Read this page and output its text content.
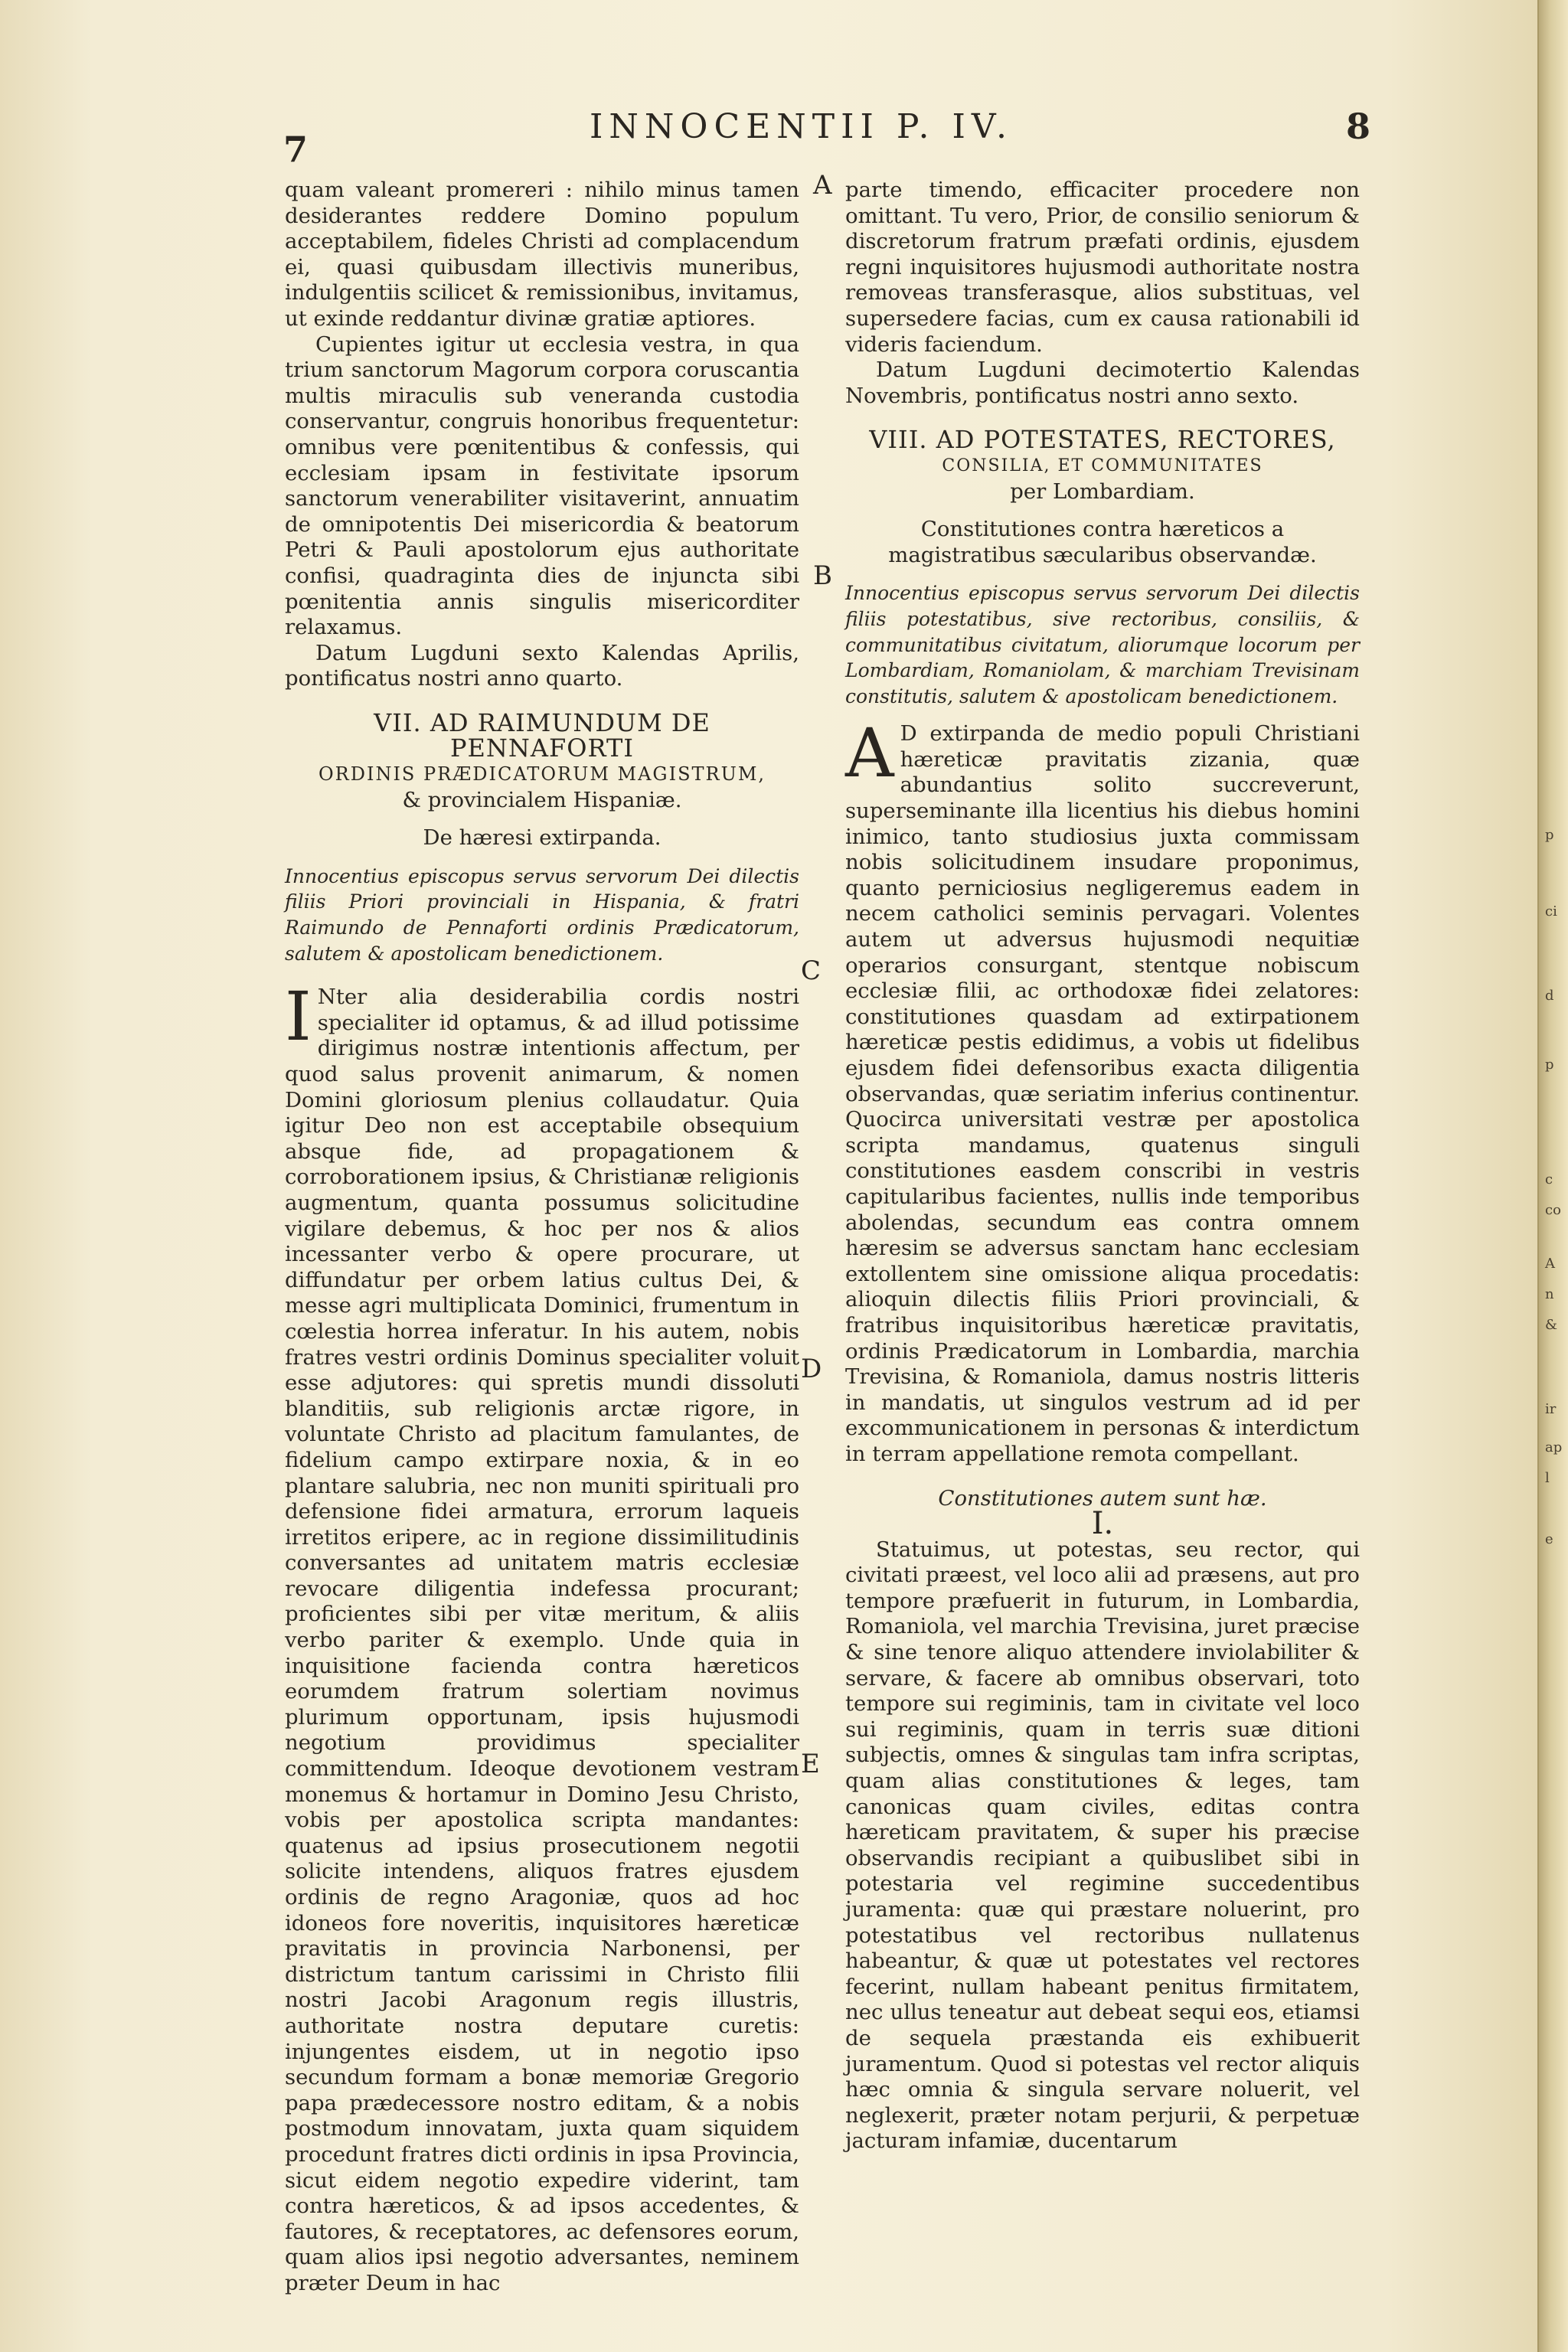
7
INNOCENTII P. IV.	8
A
B
C
D
E

quam valeant promereri : nihilo minus tamen desiderantes reddere Domino populum acceptabilem, fideles Christi ad complacendum ei, quasi quibusdam illectivis muneribus, indulgentiis scilicet & remissionibus, invitamus, ut exinde reddantur divinæ gratiæ aptiores.

Cupientes igitur ut ecclesia vestra, in qua trium sanctorum Magorum corpora coruscantia multis miraculis sub veneranda custodia conservantur, congruis honoribus frequentetur: omnibus vere pœnitentibus & confessis, qui ecclesiam ipsam in festivitate ipsorum sanctorum venerabiliter visitaverint, annuatim de omnipotentis Dei misericordia & beatorum Petri & Pauli apostolorum ejus authoritate confisi, quadraginta dies de injuncta sibi pœnitentia annis singulis misericorditer relaxamus.

Datum Lugduni sexto Kalendas Aprilis, pontificatus nostri anno quarto.

VII. AD RAIMUNDUM DE PENNAFORTI

ORDINIS PRÆDICATORUM MAGISTRUM,

& provincialem Hispaniæ.

De hæresi extirpanda.

Innocentius episcopus servus servorum Dei dilectis filiis Priori provinciali in Hispania, & fratri Raimundo de Pennaforti ordinis Prædicatorum, salutem & apostolicam benedictionem.

I Nter alia desiderabilia cordis nostri specialiter id optamus, & ad illud potissime dirigimus nostræ intentionis affectum, per quod salus provenit animarum, & nomen Domini gloriosum plenius collaudatur. Quia igitur Deo non est acceptabile obsequium absque fide, ad propagationem & corroborationem ipsius, & Christianæ religionis augmentum, quanta possumus solicitudine vigilare debemus, & hoc per nos & alios incessanter verbo & opere procurare, ut diffundatur per orbem latius cultus Dei, & messe agri multiplicata Dominici, frumentum in cœlestia horrea inferatur. In his autem, nobis fratres vestri ordinis Dominus specialiter voluit esse adjutores: qui spretis mundi dissoluti blanditiis, sub religionis arctæ rigore, in voluntate Christo ad placitum famulantes, de fidelium campo extirpare noxia, & in eo plantare salubria, nec non muniti spirituali pro defensione fidei armatura, errorum laqueis irretitos eripere, ac in regione dissimilitudinis conversantes ad unitatem matris ecclesiæ revocare diligentia indefessa procurant; proficientes sibi per vitæ meritum, & aliis verbo pariter & exemplo. Unde quia in inquisitione facienda contra hæreticos eorumdem fratrum solertiam novimus plurimum opportunam, ipsis hujusmodi negotium providimus specialiter committendum. Ideoque devotionem vestram monemus & hortamur in Domino Jesu Christo, vobis per apostolica scripta mandantes: quatenus ad ipsius prosecutionem negotii solicite intendens, aliquos fratres ejusdem ordinis de regno Aragoniæ, quos ad hoc idoneos fore noveritis, inquisitores hæreticæ pravitatis in provincia Narbonensi, per districtum tantum carissimi in Christo filii nostri Jacobi Aragonum regis illustris, authoritate nostra deputare curetis: injungentes eisdem, ut in negotio ipso secundum formam a bonæ memoriæ Gregorio papa prædecessore nostro editam, & a nobis postmodum innovatam, juxta quam siquidem procedunt fratres dicti ordinis in ipsa Provincia, sicut eidem negotio expedire viderint, tam contra hæreticos, & ad ipsos accedentes, & fautores, & receptatores, ac defensores eorum, quam alios ipsi negotio adversantes, neminem præter Deum in hac

parte timendo, efficaciter procedere non omittant. Tu vero, Prior, de consilio seniorum & discretorum fratrum præfati ordinis, ejusdem regni inquisitores hujusmodi authoritate nostra removeas transferasque, alios substituas, vel supersedere facias, cum ex causa rationabili id videris faciendum.

Datum Lugduni decimotertio Kalendas Novembris, pontificatus nostri anno sexto.

VIII. AD POTESTATES, RECTORES,

CONSILIA, ET COMMUNITATES

per Lombardiam.

Constitutiones contra hæreticos a magistratibus sæcularibus observandæ.

Innocentius episcopus servus servorum Dei dilectis filiis potestatibus, sive rectoribus, consiliis, & communitatibus civitatum, aliorumque locorum per Lombardiam, Romaniolam, & marchiam Trevisinam constitutis, salutem & apostolicam benedictionem.

A D extirpanda de medio populi Christiani hæreticæ pravitatis zizania, quæ abundantius solito succreverunt, superseminante illa licentius his diebus homini inimico, tanto studiosius juxta commissam nobis solicitudinem insudare proponimus, quanto perniciosius negligeremus eadem in necem catholici seminis pervagari. Volentes autem ut adversus hujusmodi nequitiæ operarios consurgant, stentque nobiscum ecclesiæ filii, ac orthodoxæ fidei zelatores: constitutiones quasdam ad extirpationem hæreticæ pestis edidimus, a vobis ut fidelibus ejusdem fidei defensoribus exacta diligentia observandas, quæ seriatim inferius continentur. Quocirca universitati vestræ per apostolica scripta mandamus, quatenus singuli constitutiones easdem conscribi in vestris capitularibus facientes, nullis inde temporibus abolendas, secundum eas contra omnem hæresim se adversus sanctam hanc ecclesiam extollentem sine omissione aliqua procedatis: alioquin dilectis filiis Priori provinciali, & fratribus inquisitoribus hæreticæ pravitatis, ordinis Prædicatorum in Lombardia, marchia Trevisina, & Romaniola, damus nostris litteris in mandatis, ut singulos vestrum ad id per excommunicationem in personas & interdictum in terram appellatione remota compellant.

Constitutiones autem sunt hæ.

I.

Statuimus, ut potestas, seu rector, qui civitati præest, vel loco alii ad præsens, aut pro tempore præfuerit in futurum, in Lombardia, Romaniola, vel marchia Trevisina, juret præcise & sine tenore aliquo attendere inviolabiliter & servare, & facere ab omnibus observari, toto tempore sui regiminis, tam in civitate vel loco sui regiminis, quam in terris suæ ditioni subjectis, omnes & singulas tam infra scriptas, quam alias constitutiones & leges, tam canonicas quam civiles, editas contra hæreticam pravitatem, & super his præcise observandis recipiant a quibuslibet sibi in potestaria vel regimine succedentibus juramenta: quæ qui præstare noluerint, pro potestatibus vel rectoribus nullatenus habeantur, & quæ ut potestates vel rectores fecerint, nullam habeant penitus firmitatem, nec ullus teneatur aut debeat sequi eos, etiamsi de sequela præstanda eis exhibuerit juramentum. Quod si potestas vel rector aliquis hæc omnia & singula servare noluerit, vel neglexerit, præter notam perjurii, & perpetuæ jacturam infamiæ, ducentarum

p
ci
d
p
c
co
A
n
&
ir
ap
l
e
